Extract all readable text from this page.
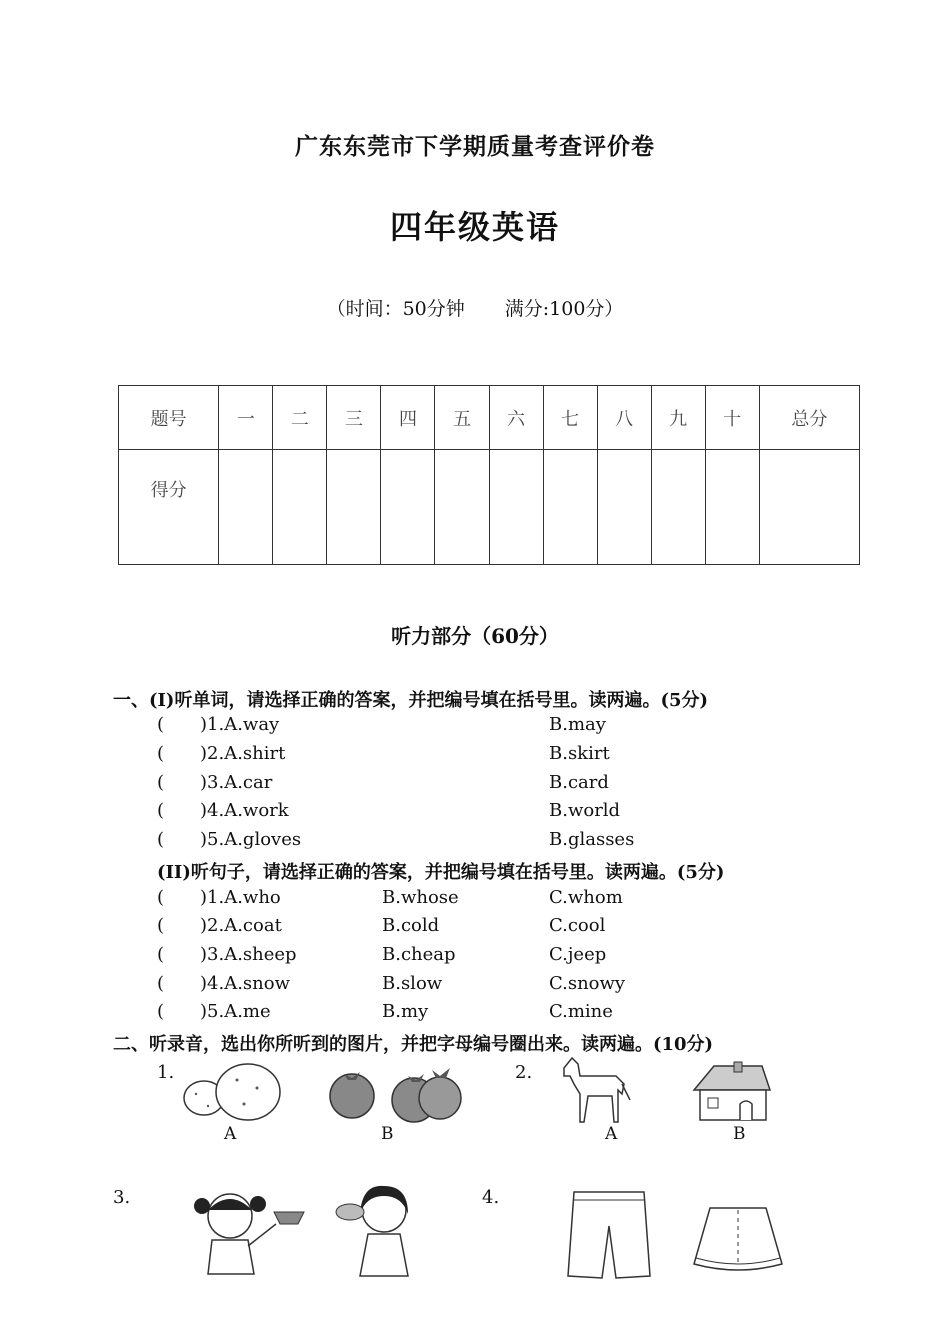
广东东莞市下学期质量考查评价卷
四年级英语
（时间：50分钟 满分:100分）
题号	一	二	三	四	五	六	七	八	九	十	总分
得分											
听力部分（60分）
一、(Ⅰ)听单词，请选择正确的答案，并把编号填在括号里。读两遍。(5分)
( )1.A.way	B.may
( )2.A.shirt	B.skirt
( )3.A.car	B.card
( )4.A.work	B.world
( )5.A.gloves	B.glasses
(II)听句子，请选择正确的答案，并把编号填在括号里。读两遍。(5分)
( )1.A.who	B.whose	C.whom
( )2.A.coat	B.cold	C.cool
( )3.A.sheep	B.cheap	C.jeep
( )4.A.snow	B.slow	C.snowy
( )5.A.me	B.my	C.mine
二、听录音，选出你所听到的图片，并把字母编号圈出来。读两遍。(10分)
1.	2.
3.	4.
A	B	A	B
